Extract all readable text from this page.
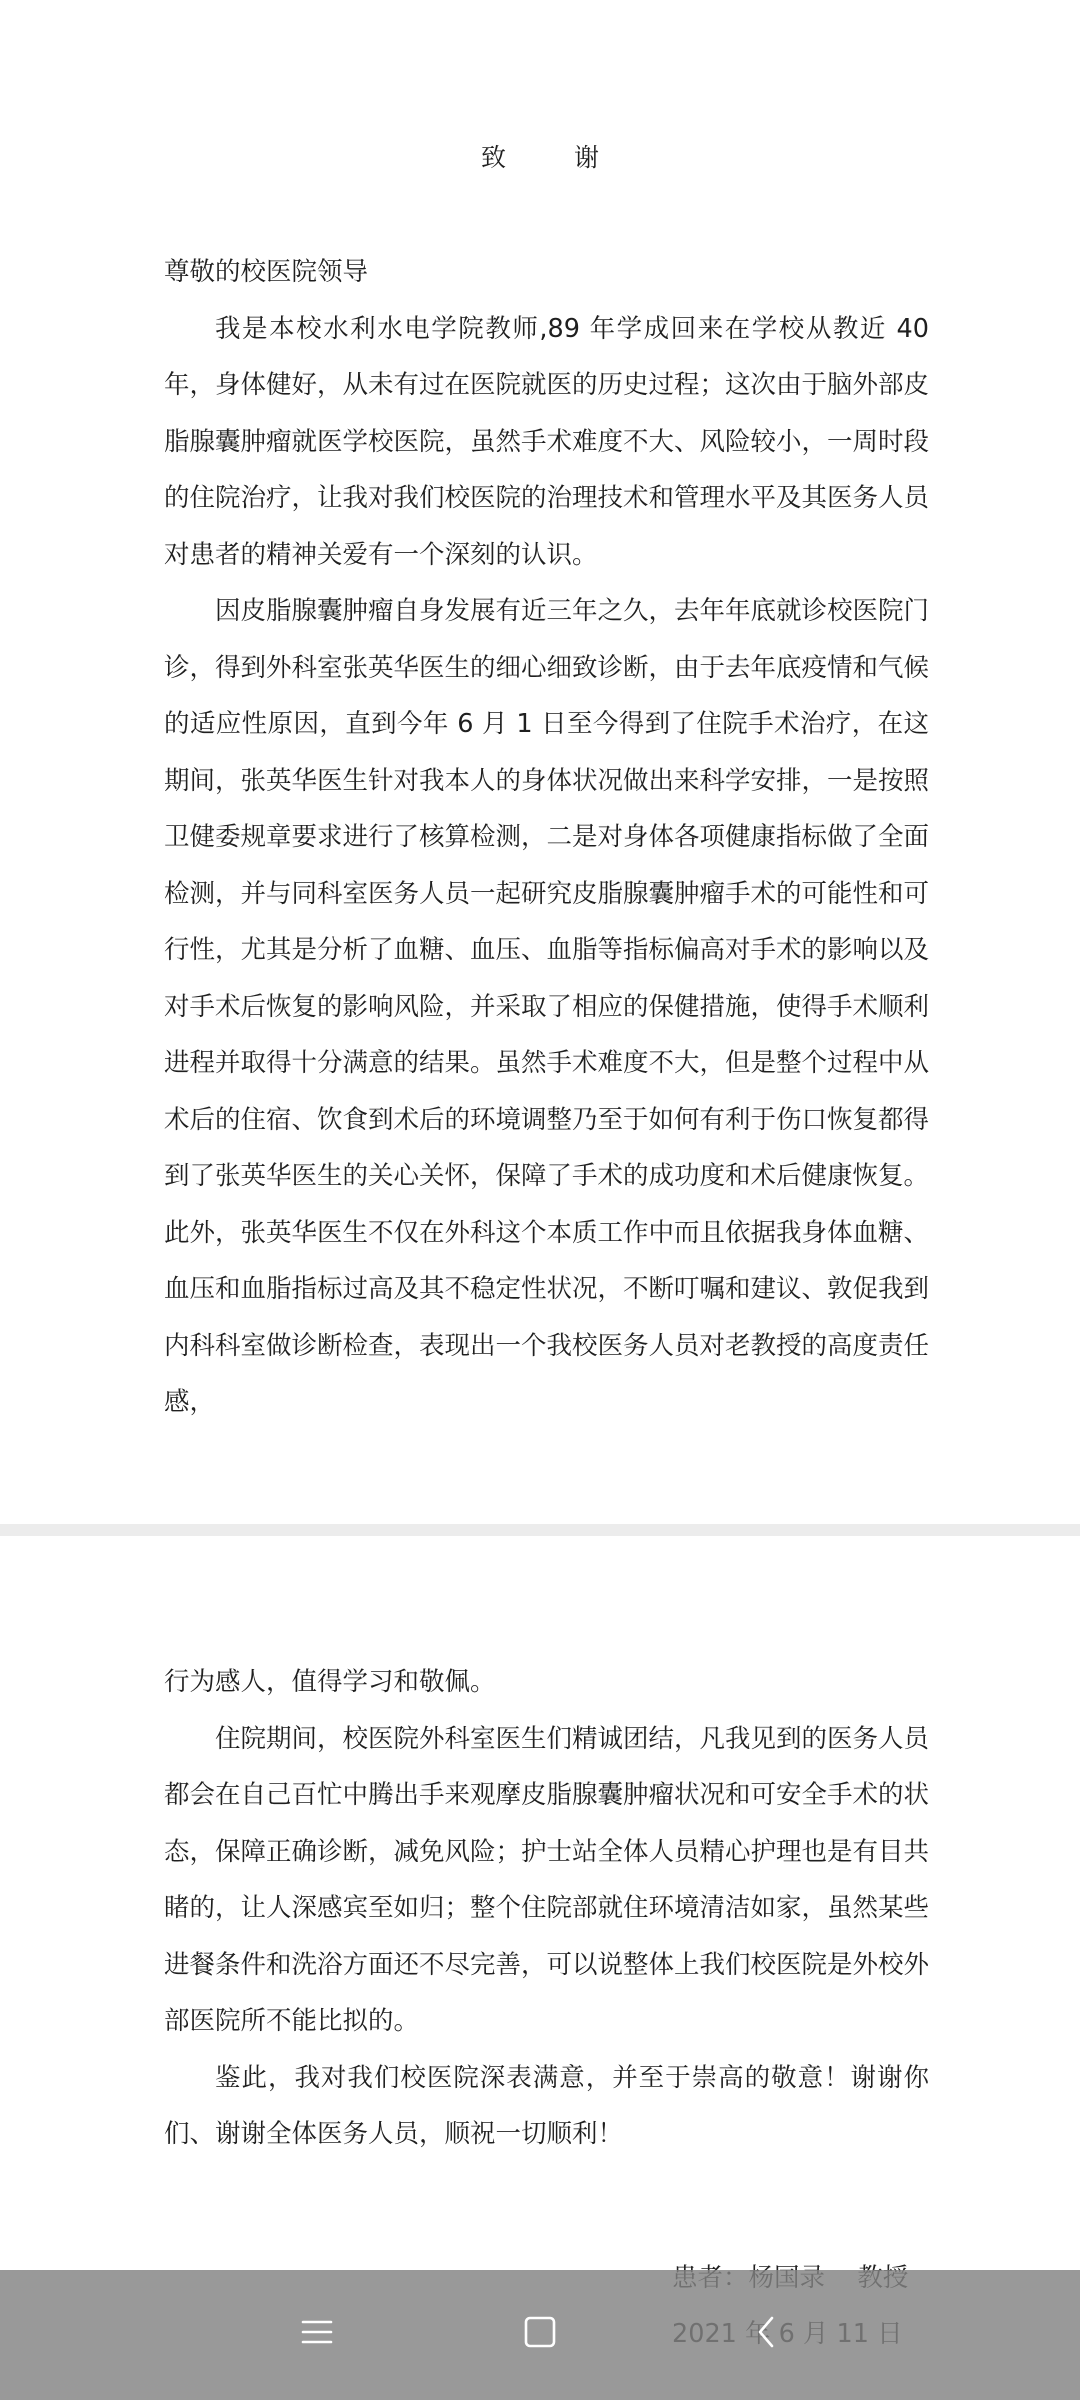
致 谢

尊敬的校医院领导

我是本校水利水电学院教师,89 年学成回来在学校从教近 40 年，身体健好，从未有过在医院就医的历史过程；这次由于脑外部皮脂腺囊肿瘤就医学校医院，虽然手术难度不大、风险较小，一周时段的住院治疗，让我对我们校医院的治理技术和管理水平及其医务人员对患者的精神关爱有一个深刻的认识。

因皮脂腺囊肿瘤自身发展有近三年之久，去年年底就诊校医院门诊，得到外科室张英华医生的细心细致诊断，由于去年底疫情和气候的适应性原因，直到今年 6 月 1 日至今得到了住院手术治疗，在这期间，张英华医生针对我本人的身体状况做出来科学安排，一是按照卫健委规章要求进行了核算检测，二是对身体各项健康指标做了全面检测，并与同科室医务人员一起研究皮脂腺囊肿瘤手术的可能性和可行性，尤其是分析了血糖、血压、血脂等指标偏高对手术的影响以及对手术后恢复的影响风险，并采取了相应的保健措施，使得手术顺利进程并取得十分满意的结果。虽然手术难度不大，但是整个过程中从术后的住宿、饮食到术后的环境调整乃至于如何有利于伤口恢复都得到了张英华医生的关心关怀，保障了手术的成功度和术后健康恢复。此外，张英华医生不仅在外科这个本质工作中而且依据我身体血糖、血压和血脂指标过高及其不稳定性状况，不断叮嘱和建议、敦促我到内科科室做诊断检查，表现出一个我校医务人员对老教授的高度责任感，

行为感人，值得学习和敬佩。

住院期间，校医院外科室医生们精诚团结，凡我见到的医务人员都会在自己百忙中腾出手来观摩皮脂腺囊肿瘤状况和可安全手术的状态，保障正确诊断，减免风险；护士站全体人员精心护理也是有目共睹的，让人深感宾至如归；整个住院部就住环境清洁如家，虽然某些进餐条件和洗浴方面还不尽完善，可以说整体上我们校医院是外校外部医院所不能比拟的。

鉴此，我对我们校医院深表满意，并至于崇高的敬意！谢谢你们、谢谢全体医务人员，顺祝一切顺利！
